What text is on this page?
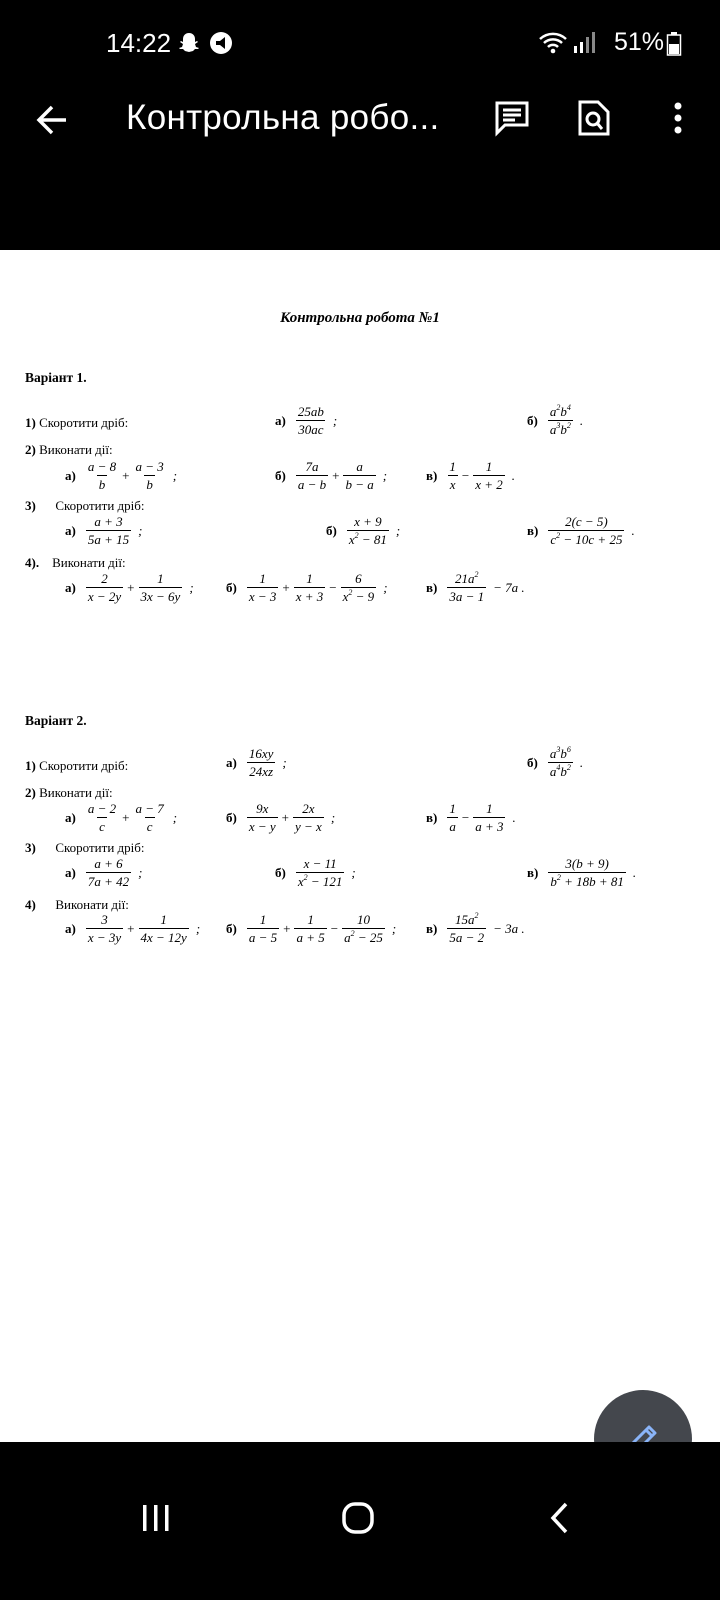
14:22	51%
Контрольна робо...
Контрольна робота №1
Варіант 1.
1) Скоротити дріб:	$а) \frac{25ab}{30ac}$ ;	$б) \frac{a^2b^4}{a^3b^2}$ .
2) Виконати дії:
$а) \frac{a - 8}{b} + \frac{a - 3}{b}$ ;	$б) \frac{7a}{a - b} + \frac{a}{b - a}$ ;	$в) \frac{1}{x} - \frac{1}{x + 2}$ .
3) Скоротити дріб:
$а) \frac{a + 3}{5a + 15}$ ;	$б) \frac{x + 9}{x^2 - 81}$ ;	$в) \frac{2(c - 5)}{c^2 - 10c + 25}$ .
4). Виконати дії:
$а) \frac{2}{x - 2y} + \frac{1}{3x - 6y}$ ; $б) \frac{1}{x - 3} + \frac{1}{x + 3} - \frac{6}{x^2 - 9}$ ;	$в) \frac{21a^2}{3a - 1} - 7a$ .
Варіант 2.
1) Скоротити дріб:	$а) \frac{16xy}{24xz}$ ;	$б) \frac{a^3b^6}{a^4b^2}$ .
2) Виконати дії:
$а) \frac{a - 2}{c} + \frac{a - 7}{c}$ ;	$б) \frac{9x}{x - y} + \frac{2x}{y - x}$ ;	$в) \frac{1}{a} - \frac{1}{a + 3}$ .
3) Скоротити дріб:
$а) \frac{a + 6}{7a + 42}$ ;	$б) \frac{x - 11}{x^2 - 121}$ ;	$в) \frac{3(b + 9)}{b^2 + 18b + 81}$ .
4) Виконати дії:
$а) \frac{3}{x - 3y} + \frac{1}{4x - 12y}$ ; $б) \frac{1}{a - 5} + \frac{1}{a + 5} - \frac{10}{a^2 - 25}$ ; $в) \frac{15a^2}{5a - 2} - 3a$ .
